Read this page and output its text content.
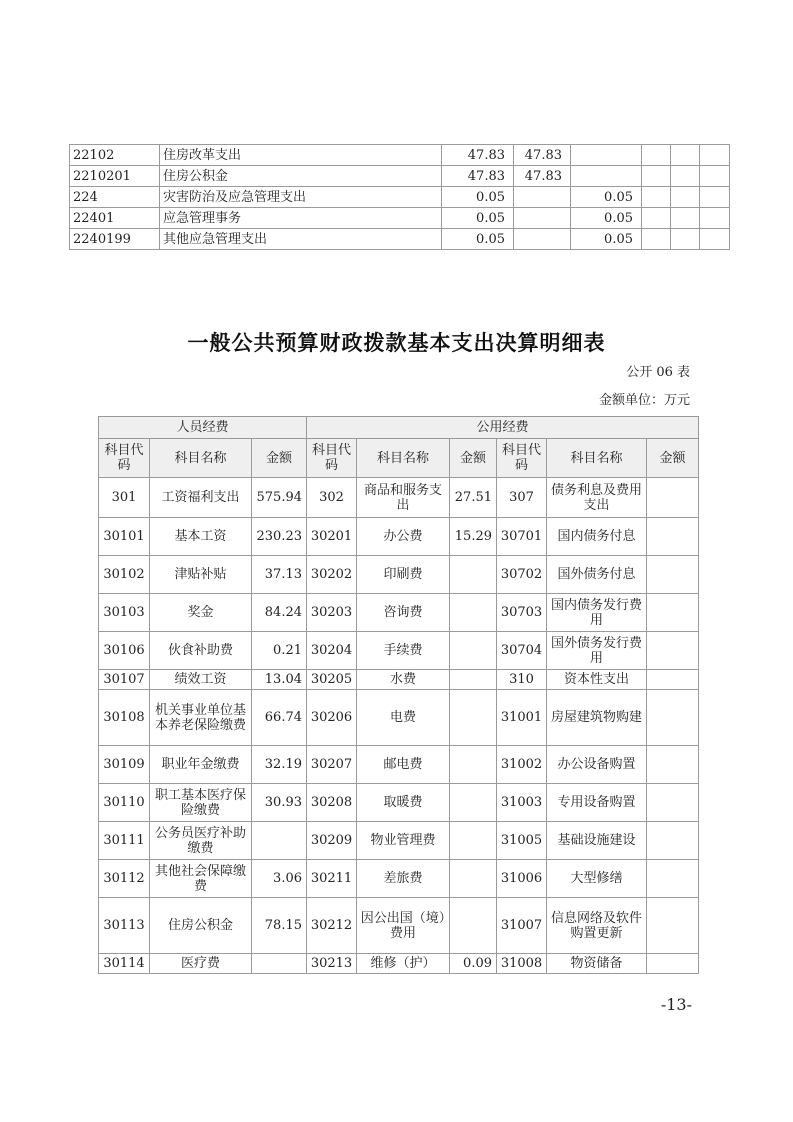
22102	住房改革支出	47.83	47.83				
2210201	住房公积金	47.83	47.83				
224	灾害防治及应急管理支出	0.05		0.05			
22401	应急管理事务	0.05		0.05			
2240199	其他应急管理支出	0.05		0.05			
一般公共预算财政拨款基本支出决算明细表
公开 06 表
金额单位：万元
人员经费			公用经费					
科目代码	科目名称	金额	科目代码	科目名称	金额	科目代码	科目名称	金额
301	工资福利支出	575.94	302	商品和服务支出	27.51	307	债务利息及费用支出	
30101	基本工资	230.23	30201	办公费	15.29	30701	国内债务付息	
30102	津贴补贴	37.13	30202	印刷费		30702	国外债务付息	
30103	奖金	84.24	30203	咨询费		30703	国内债务发行费用	
30106	伙食补助费	0.21	30204	手续费		30704	国外债务发行费用	
30107	绩效工资	13.04	30205	水费		310	资本性支出	
30108	机关事业单位基本养老保险缴费	66.74	30206	电费		31001	房屋建筑物购建	
30109	职业年金缴费	32.19	30207	邮电费		31002	办公设备购置	
30110	职工基本医疗保险缴费	30.93	30208	取暖费		31003	专用设备购置	
30111	公务员医疗补助缴费		30209	物业管理费		31005	基础设施建设	
30112	其他社会保障缴费	3.06	30211	差旅费		31006	大型修缮	
30113	住房公积金	78.15	30212	因公出国（境）费用		31007	信息网络及软件购置更新	
30114	医疗费		30213	维修（护）	0.09	31008	物资储备	
-13-
